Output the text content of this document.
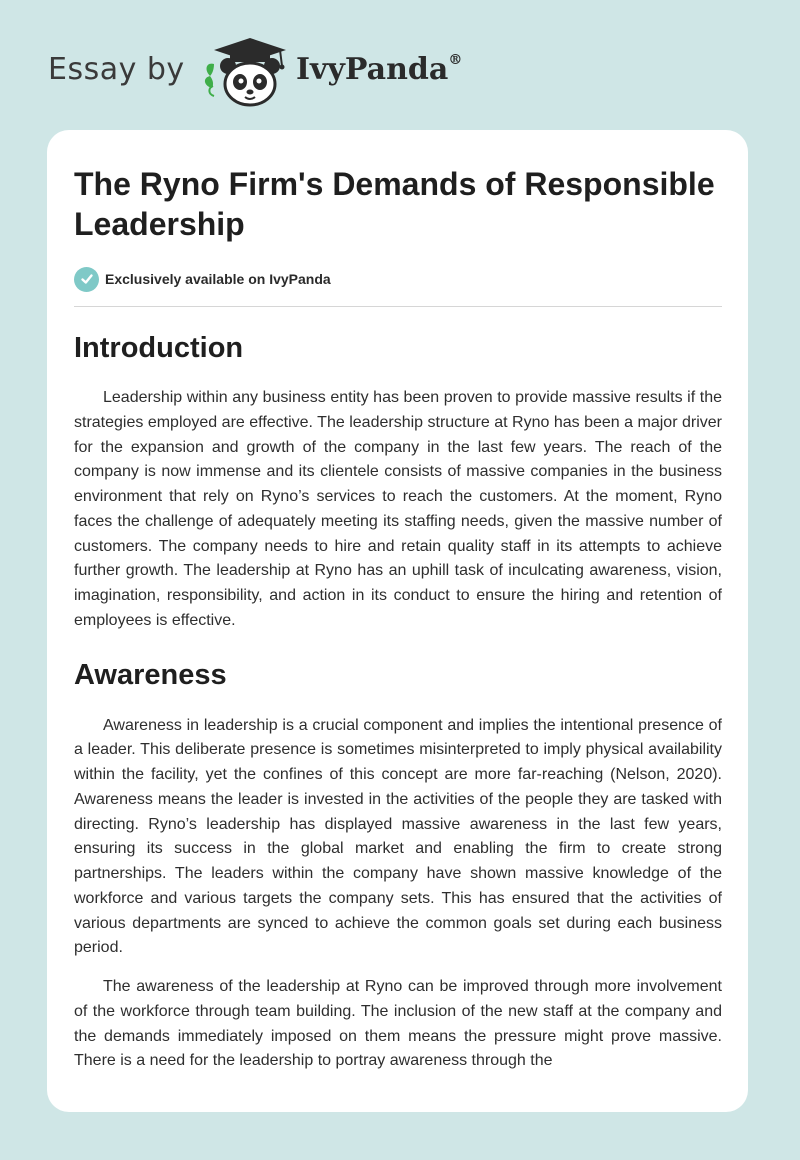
Essay by	IvyPanda®
The Ryno Firm's Demands of Responsible Leadership
Exclusively available on IvyPanda
Introduction

Leadership within any business entity has been proven to provide massive results if the strategies employed are effective. The leadership structure at Ryno has been a major driver for the expansion and growth of the company in the last few years. The reach of the company is now immense and its clientele consists of massive companies in the business environment that rely on Ryno’s services to reach the customers. At the moment, Ryno faces the challenge of adequately meeting its staffing needs, given the massive number of customers. The company needs to hire and retain quality staff in its attempts to achieve further growth. The leadership at Ryno has an uphill task of inculcating awareness, vision, imagination, responsibility, and action in its conduct to ensure the hiring and retention of employees is effective.

Awareness

Awareness in leadership is a crucial component and implies the intentional presence of a leader. This deliberate presence is sometimes misinterpreted to imply physical availability within the facility, yet the confines of this concept are more far-reaching (Nelson, 2020). Awareness means the leader is invested in the activities of the people they are tasked with directing. Ryno’s leadership has displayed massive awareness in the last few years, ensuring its success in the global market and enabling the firm to create strong partnerships. The leaders within the company have shown massive knowledge of the workforce and various targets the company sets. This has ensured that the activities of various departments are synced to achieve the common goals set during each business period.

The awareness of the leadership at Ryno can be improved through more involvement of the workforce through team building. The inclusion of the new staff at the company and the demands immediately imposed on them means the pressure might prove massive. There is a need for the leadership to portray awareness through the
